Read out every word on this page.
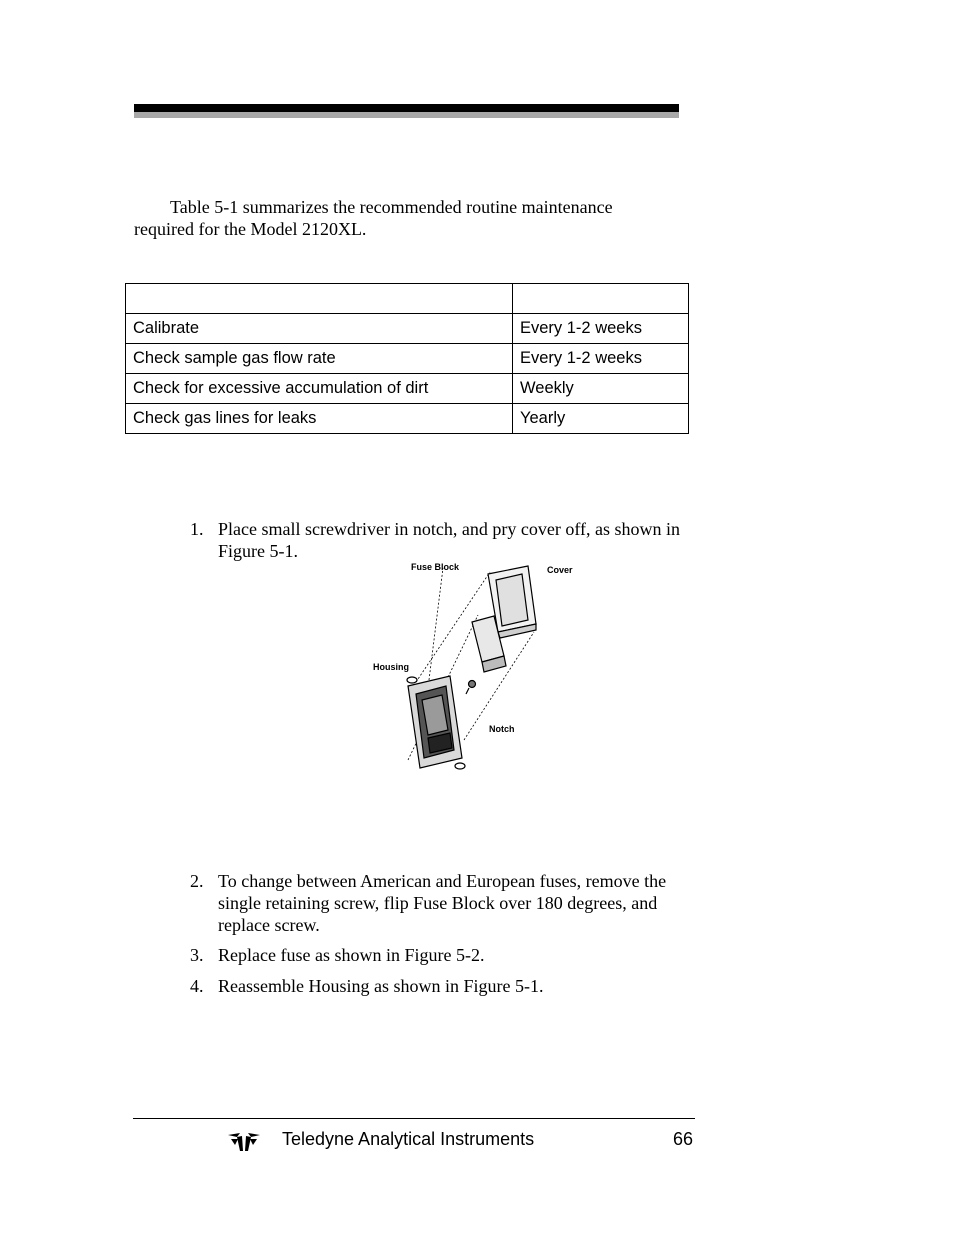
Table 5-1 summarizes the recommended routine maintenance
required for the Model 2120XL.

Calibrate	Every 1-2 weeks
Check sample gas flow rate	Every 1-2 weeks
Check for excessive accumulation of dirt	Weekly
Check gas lines for leaks	Yearly
1. Place small screwdriver in notch, and pry cover off, as shown in Figure 5-1.
Fuse Block	Cover
Housing
Notch
2. To change between American and European fuses, remove the single retaining screw, flip Fuse Block over 180 degrees, and replace screw.
3. Replace fuse as shown in Figure 5-2.
4. Reassemble Housing as shown in Figure 5-1.
Teledyne Analytical Instruments	66
